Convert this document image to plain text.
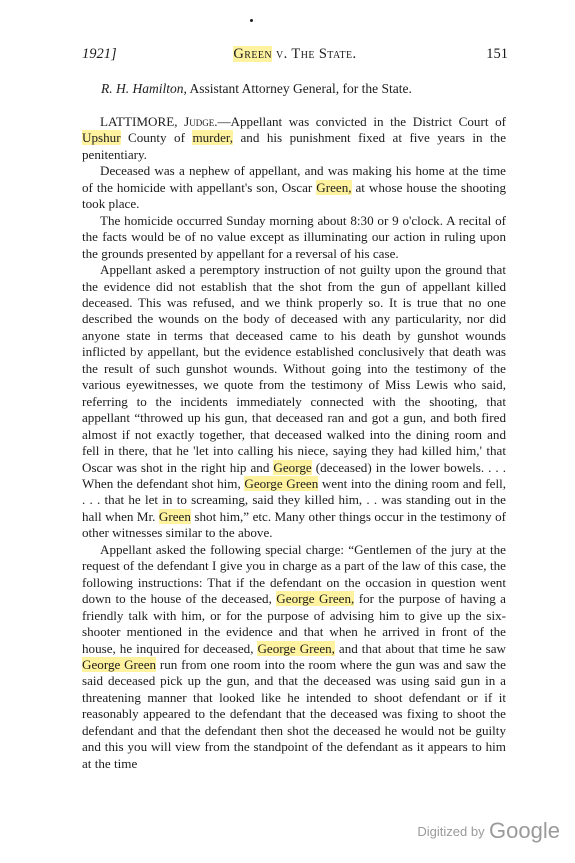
1921]	Green v. The State.	151
R. H. Hamilton, Assistant Attorney General, for the State.

LATTIMORE, Judge.—Appellant was convicted in the District Court of Upshur County of murder, and his punishment fixed at five years in the penitentiary.

Deceased was a nephew of appellant, and was making his home at the time of the homicide with appellant's son, Oscar Green, at whose house the shooting took place.

The homicide occurred Sunday morning about 8:30 or 9 o'clock. A recital of the facts would be of no value except as illuminating our action in ruling upon the grounds presented by appellant for a reversal of his case.

Appellant asked a peremptory instruction of not guilty upon the ground that the evidence did not establish that the shot from the gun of appellant killed deceased. This was refused, and we think properly so. It is true that no one described the wounds on the body of deceased with any particularity, nor did anyone state in terms that deceased came to his death by gunshot wounds inflicted by appellant, but the evidence established conclusively that death was the result of such gunshot wounds. Without going into the testimony of the various eyewitnesses, we quote from the testimony of Miss Lewis who said, referring to the incidents immediately connected with the shooting, that appellant “throwed up his gun, that deceased ran and got a gun, and both fired almost if not exactly together, that deceased walked into the dining room and fell in there, that he 'let into calling his niece, saying they had killed him,' that Oscar was shot in the right hip and George (deceased) in the lower bowels. . . . When the defendant shot him, George Green went into the dining room and fell, . . . that he let in to screaming, said they killed him, . . was standing out in the hall when Mr. Green shot him,” etc. Many other things occur in the testimony of other witnesses similar to the above.

Appellant asked the following special charge: “Gentlemen of the jury at the request of the defendant I give you in charge as a part of the law of this case, the following instructions: That if the defendant on the occasion in question went down to the house of the deceased, George Green, for the purpose of having a friendly talk with him, or for the purpose of advising him to give up the six-shooter mentioned in the evidence and that when he arrived in front of the house, he inquired for deceased, George Green, and that about that time he saw George Green run from one room into the room where the gun was and saw the said deceased pick up the gun, and that the deceased was using said gun in a threatening manner that looked like he intended to shoot defendant or if it reasonably appeared to the defendant that the deceased was fixing to shoot the defendant and that the defendant then shot the deceased he would not be guilty and this you will view from the standpoint of the defendant as it appears to him at the time

Digitized by Google
